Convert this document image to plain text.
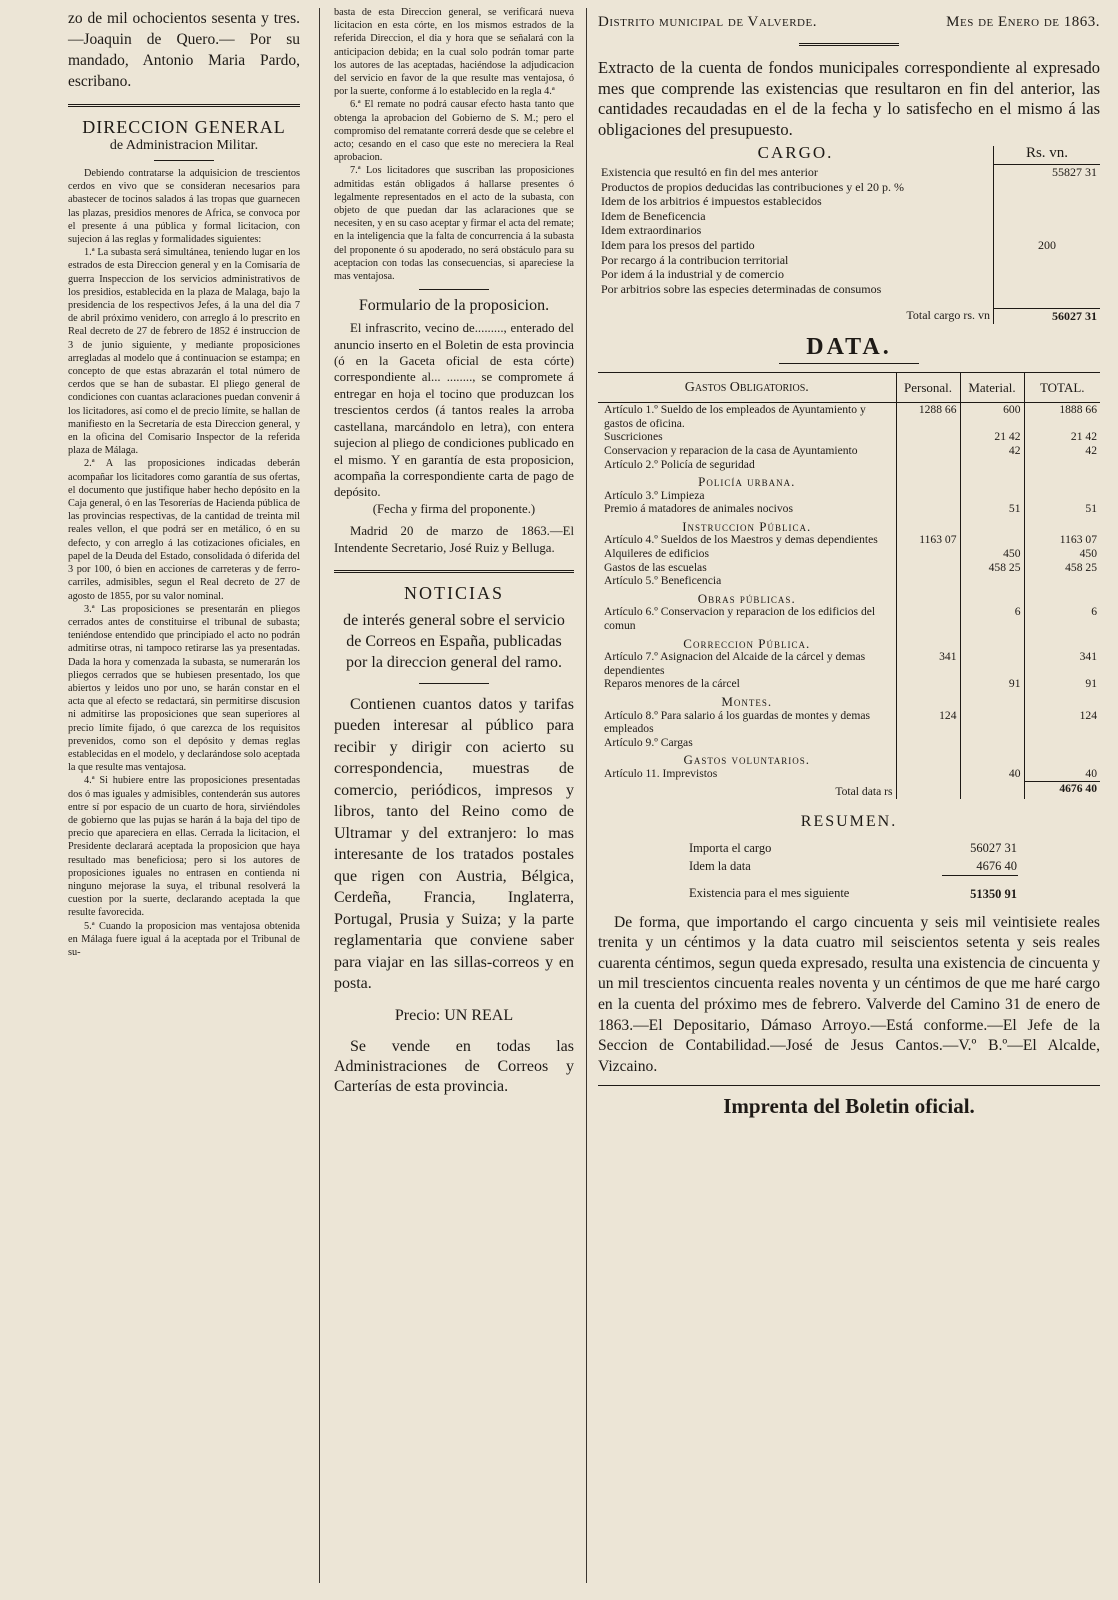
zo de mil ochocientos sesenta y tres.—Joaquin de Quero.— Por su mandado, Antonio Maria Pardo, escribano.

DIRECCION GENERAL
de Administracion Militar.

Debiendo contratarse la adquisicion de trescientos cerdos en vivo que se consideran necesarios para abastecer de tocinos salados á las tropas que guarnecen las plazas, presidios menores de Africa, se convoca por el presente á una pública y formal licitacion, con sujecion á las reglas y formalidades siguientes:

1.ª La subasta será simultánea, teniendo lugar en los estrados de esta Direccion general y en la Comisaría de guerra Inspeccion de los servicios administrativos de los presidios, establecida en la plaza de Malaga, bajo la presidencia de los respectivos Jefes, á la una del dia 7 de abril próximo venidero, con arreglo á lo prescrito en Real decreto de 27 de febrero de 1852 é instruccion de 3 de junio siguiente, y mediante proposiciones arregladas al modelo que á continuacion se estampa; en concepto de que estas abrazarán el total número de cerdos que se han de subastar. El pliego general de condiciones con cuantas aclaraciones puedan convenir á los licitadores, así como el de precio límite, se hallan de manifiesto en la Secretaría de esta Direccion general, y en la oficina del Comisario Inspector de la referida plaza de Málaga.

2.ª A las proposiciones indicadas deberán acompañar los licitadores como garantía de sus ofertas, el documento que justifique haber hecho depósito en la Caja general, ó en las Tesorerías de Hacienda pública de las provincias respectivas, de la cantidad de treinta mil reales vellon, el que podrá ser en metálico, ó en su defecto, y con arreglo á las cotizaciones oficiales, en papel de la Deuda del Estado, consolidada ó diferida del 3 por 100, ó bien en acciones de carreteras y de ferro-carriles, admisibles, segun el Real decreto de 27 de agosto de 1855, por su valor nominal.

3.ª Las proposiciones se presentarán en pliegos cerrados antes de constituirse el tribunal de subasta; teniéndose entendido que principiado el acto no podrán admitirse otras, ni tampoco retirarse las ya presentadas. Dada la hora y comenzada la subasta, se numerarán los pliegos cerrados que se hubiesen presentado, los que abiertos y leidos uno por uno, se harán constar en el acta que al efecto se redactará, sin permitirse discusion ni admitirse las proposiciones que sean superiores al precio límite fijado, ó que carezca de los requisitos prevenidos, como son el depósito y demas reglas establecidas en el modelo, y declarándose solo aceptada la que resulte mas ventajosa.

4.ª Si hubiere entre las proposiciones presentadas dos ó mas iguales y admisibles, contenderán sus autores entre sí por espacio de un cuarto de hora, sirviéndoles de gobierno que las pujas se harán á la baja del tipo de precio que apareciera en ellas. Cerrada la licitacion, el Presidente declarará aceptada la proposicion que haya resultado mas beneficiosa; pero si los autores de proposiciones iguales no entrasen en contienda ni ninguno mejorase la suya, el tribunal resolverá la cuestion por la suerte, declarando aceptada la que resulte favorecida.

5.ª Cuando la proposicion mas ventajosa obtenida en Málaga fuere igual á la aceptada por el Tribunal de su-

basta de esta Direccion general, se verificará nueva licitacion en esta córte, en los mismos estrados de la referida Direccion, el dia y hora que se señalará con la anticipacion debida; en la cual solo podrán tomar parte los autores de las aceptadas, haciéndose la adjudicacion del servicio en favor de la que resulte mas ventajosa, ó por la suerte, conforme á lo establecido en la regla 4.ª

6.ª El remate no podrá causar efecto hasta tanto que obtenga la aprobacion del Gobierno de S. M.; pero el compromiso del rematante correrá desde que se celebre el acto; cesando en el caso que este no mereciera la Real aprobacion.

7.ª Los licitadores que suscriban las proposiciones admitidas están obligados á hallarse presentes ó legalmente representados en el acto de la subasta, con objeto de que puedan dar las aclaraciones que se necesiten, y en su caso aceptar y firmar el acta del remate; en la inteligencia que la falta de concurrencia á la subasta del proponente ó su apoderado, no será obstáculo para su aceptacion con todas las consecuencias, si apareciese la mas ventajosa.

Formulario de la proposicion.

El infrascrito, vecino de........., enterado del anuncio inserto en el Boletin de esta provincia (ó en la Gaceta oficial de esta córte) correspondiente al... ........, se compromete á entregar en hoja el tocino que produzcan los trescientos cerdos (á tantos reales la arroba castellana, marcándolo en letra), con entera sujecion al pliego de condiciones publicado en el mismo. Y en garantía de esta proposicion, acompaña la correspondiente carta de pago de depósito.

(Fecha y firma del proponente.)

Madrid 20 de marzo de 1863.—El Intendente Secretario, José Ruiz y Belluga.

NOTICIAS

de interés general sobre el servicio de Correos en España, publicadas por la direccion general del ramo.

Contienen cuantos datos y tarifas pueden interesar al público para recibir y dirigir con acierto su correspondencia, muestras de comercio, periódicos, impresos y libros, tanto del Reino como de Ultramar y del extranjero: lo mas interesante de los tratados postales que rigen con Austria, Bélgica, Cerdeña, Francia, Inglaterra, Portugal, Prusia y Suiza; y la parte reglamentaria que conviene saber para viajar en las sillas-correos y en posta.

Precio: UN REAL

Se vende en todas las Administraciones de Correos y Carterías de esta provincia.

Distrito municipal de Valverde.	Mes de Enero de 1863.

Extracto de la cuenta de fondos municipales correspondiente al expresado mes que comprende las existencias que resultaron en fin del anterior, las cantidades recaudadas en el de la fecha y lo satisfecho en el mismo á las obligaciones del presupuesto.

CARGO.	Rs. vn.
Existencia que resultó en fin del mes anterior	55827 31
Productos de propios deducidas las contribuciones y el 20 p. %	
Idem de los arbitrios é impuestos establecidos	
Idem de Beneficencia	
Idem extraordinarios	
Idem para los presos del partido	200
Por recargo á la contribucion territorial	
Por idem á la industrial y de comercio	
Por arbitrios sobre las especies determinadas de consumos	

Total cargo rs. vn	56027 31
DATA.
Gastos Obligatorios.	Personal.	Material.	TOTAL.
Artículo 1.º Sueldo de los empleados de Ayuntamiento y gastos de oficina.	1288 66	600	1888 66
Suscriciones		21 42	21 42
Conservacion y reparacion de la casa de Ayuntamiento		42	42
Artículo 2.º Policía de seguridad			
Policía urbana.			
Artículo 3.º Limpieza			
Premio á matadores de animales nocivos		51	51
Instruccion Pública.			
Artículo 4.º Sueldos de los Maestros y demas dependientes	1163 07		1163 07
Alquileres de edificios		450	450
Gastos de las escuelas		458 25	458 25
Artículo 5.º Beneficencia			
Obras públicas.			
Artículo 6.º Conservacion y reparacion de los edificios del comun		6	6
Correccion Pública.			
Artículo 7.º Asignacion del Alcaide de la cárcel y demas dependientes	341		341
Reparos menores de la cárcel		91	91
Montes.			
Artículo 8.º Para salario á los guardas de montes y demas empleados	124		124
Artículo 9.º Cargas			
Gastos voluntarios.			
Artículo 11. Imprevistos		40	40
Total data rs			4676 40
RESUMEN.
Importa el cargo	56027 31
Idem la data	4676 40
Existencia para el mes siguiente	51350 91

De forma, que importando el cargo cincuenta y seis mil veintisiete reales trenita y un céntimos y la data cuatro mil seiscientos setenta y seis reales cuarenta céntimos, segun queda expresado, resulta una existencia de cincuenta y un mil trescientos cincuenta reales noventa y un céntimos de que me haré cargo en la cuenta del próximo mes de febrero. Valverde del Camino 31 de enero de 1863.—El Depositario, Dámaso Arroyo.—Está conforme.—El Jefe de la Seccion de Contabilidad.—José de Jesus Cantos.—V.º B.º—El Alcalde, Vizcaino.

Imprenta del Boletin oficial.
